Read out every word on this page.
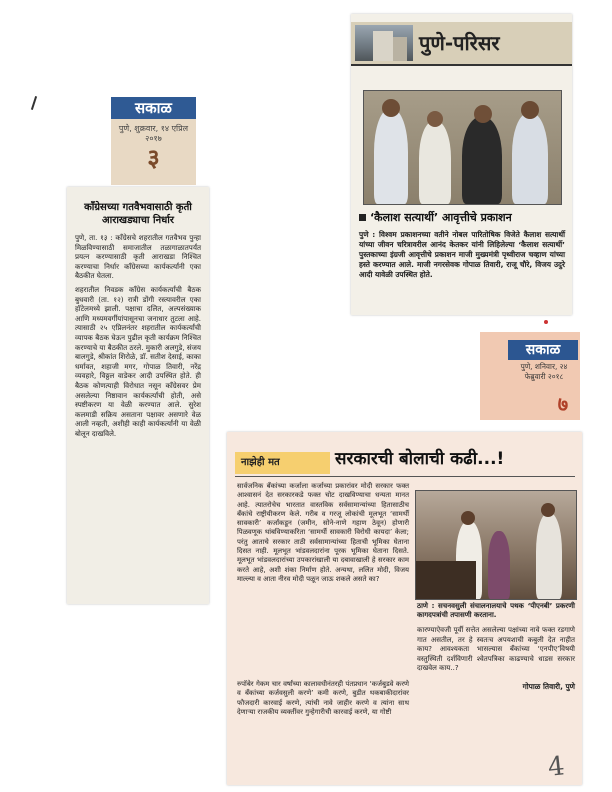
सकाळ
पुणे, शुक्रवार, १४ एप्रिल २०१७
३
काँग्रेसच्या गतवैभवासाठी कृती आराखड्याचा निर्धार
पुणे, ता. १३ : काँग्रेसचे शहरातील गतवैभव पुन्हा मिळविण्यासाठी समाजातील तळागाळातपर्यंत प्रयत्न करण्यासाठी कृती आराखडा निश्चित करण्याचा निर्धार काँग्रेसच्या कार्यकर्त्यांनी एका बैठकीत घेतला.
शहरातील निवडक काँग्रेस कार्यकर्त्यांची बैठक बुधवारी (ता. १२) रात्री डोंगी रस्त्यावरील एका हॉटेलमध्ये झाली. पक्षाचा दलित, अल्पसंख्याक आणि मध्यमवर्गीयांपासूनचा जनाधार तुटला आहे. त्यासाठी २५ एप्रिलनंतर शहरातील कार्यकर्त्यांची व्यापक बैठक घेऊन पुढील कृती कार्यक्रम निश्चित करण्याचे या बैठकीत ठरले. मुकारी अलगुडे, संजय बालगुडे, श्रीकांत शिरोळे, डॉ. सतीश देसाई, काका धर्मावत, शहाजी मगर, गोपाळ तिवारी, नरेंद्र व्यवहारे, विठ्ठल वाडेकर आदी उपस्थित होते. ही बैठक कोणत्याही विरोधात नसून काँग्रेसवर प्रेम असलेल्या निष्ठावान कार्यकर्त्यांची होती, असे स्पष्टीकरण या वेळी करण्यात आले. सुरेश कलमाडी सक्रिय असताना पक्षावर असणारे वेळ आली नव्हती, अशीही काही कार्यकर्त्यांनी या वेळी बोलून दाखविले.
पुणे-परिसर
‘कैलाश सत्यार्थी’ आवृत्तीचे प्रकाशन
पुणे : विश्वम प्रकाशनच्या वतीने नोबल पारितोषिक विजेते कैलाश सत्यार्थी यांच्या जीवन चरित्रावरील आनंद केतकर यांनी लिहिलेल्या ‘कैलाश सत्यार्थी’ पुस्तकाच्या इंग्रजी आवृत्तीचे प्रकाशन माजी मुख्यमंत्री पृथ्वीराज चव्हाण यांच्या हस्ते करण्यात आले. माजी नगरसेवक गोपाळ तिवारी, राजू चौरे, विजय उदुरे आदी यावेळी उपस्थित होते.
सकाळ
पुणे, शनिवार, २४ फेब्रुवारी २०१८
७
नाझेही मत	सरकारची बोलाची कढी...!
सार्वजनिक बँकांच्या कर्जाला कर्जाच्या प्रकारांवर मोदी सरकार फक्त आश्वासनं देत सरकारकडे फक्त चोट दाखविण्याचा धन्यता मानत आहे. त्यातरोचेच भारतात वास्तविक सर्वसामान्यांच्या हितासाठीच बँकांचे राष्ट्रीयीकरण केले. गरीब व गरजू लोकांची मूलभूत ‘सामर्थी सावकारी’ कर्जांकडून (जमीन, सोने-नाणे गहाण ठेवून) होणारी पिळवणूक थांबविण्याकरिता ‘सामर्थी सावकारी विरोधी कायदा’ केला; परंतु आताचे सरकार ताठी सर्वसामान्यांच्या हिताची भूमिका घेताना दिसत नाही. मूलभूत भांडवलदारांना पूरक भूमिका घेताना दिसते. मूलभूत भांडवलदारांच्या उपकारांखाली या दबावाखाली हे सरकार काम करते आहे, अशी शंका निर्माण होते. अन्यथा, ललित मोदी, विजय माल्ल्या व आता नीरव मोदी पळून जाऊ शकले असते का?
रुपॉबेर गेकम चार वर्षांच्या कालावधीनंतरही पंतप्रधान ‘कर्जबुडवे करणे व बँकांच्या कर्जवसुली करणे’ कमी करणे, बुडीत थकबाकीदारांवर फौजदारी कारवाई करणे, त्यांची नावे जाहीर करणे व त्यांना साथ देणाऱ्या राजकीय व्यक्तींवर गुन्हेगारीची कारवाई करणे, या गोष्टी
ठाणे : सचनवसुली संचालनालयाचे पथक ‘पीएनबी’ प्रकरणी कागदपत्रांची तपासणी करताना.
कारण्याऐवजी पूर्वी सत्तेत असलेल्या पक्षांच्या नावे फक्त रडगाणे गात असतील, तर हे स्वतःच अपयशाची कबुली देत नाहीत काय? आवश्यकता भासल्यास बँकांच्या ‘एनपीए’विषयी वस्तुस्थिती दर्शविणारी श्वेतपत्रिका काढण्याचे धाडस सरकार दाखवेल काय..?
गोपाळ तिवारी, पुणे
4
